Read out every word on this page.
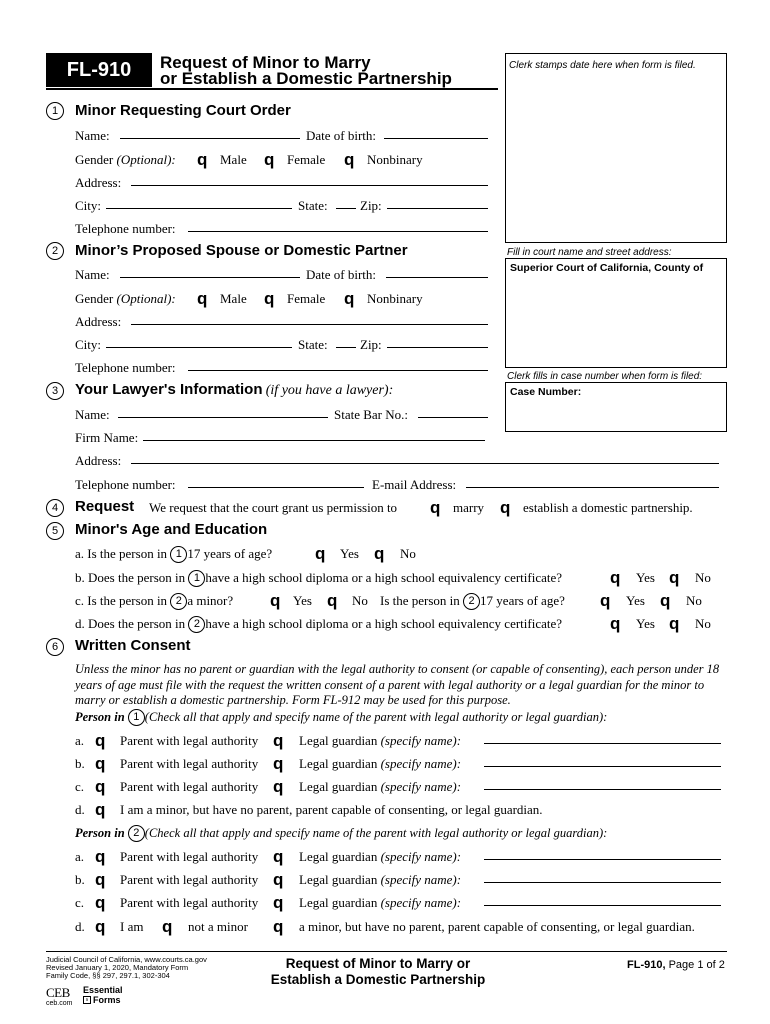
FL-910	Request of Minor to Marry
or Establish a Domestic Partnership
Clerk stamps date here when form is filed.
Fill in court name and street address:
Superior Court of California, County of
Clerk fills in case number when form is filed:
Case Number:
1	Minor Requesting Court Order
Name:	Date of birth:
Gender (Optional): q Male q Female q Nonbinary
Address:
City:	State: Zip:
Telephone number:
2	Minor’s Proposed Spouse or Domestic Partner
Name:	Date of birth:
Gender (Optional): q Male q Female q Nonbinary
Address:
City:	State: Zip:
Telephone number:
3	Your Lawyer's Information (if you have a lawyer):
Name:	State Bar No.:
Firm Name:
Address:
Telephone number:	E-mail Address:
4	Request We request that the court grant us permission to q marry q establish a domestic partnership.
5	Minor's Age and Education
a. Is the person in 1 17 years of age?	q Yes q No
b. Does the person in 1 have a high school diploma or a high school equivalency certificate?	q Yes q No
c. Is the person in 2 a minor? q Yes q No Is the person in 2 17 years of age? q Yes q No
d. Does the person in 2 have a high school diploma or a high school equivalency certificate?	q Yes q No
6	Written Consent
Unless the minor has no parent or guardian with the legal authority to consent (or capable of consenting), each person under 18 years of age must file with the request the written consent of a parent with legal authority or a legal guardian for the minor to marry or establish a domestic partnership. Form FL-912 may be used for this purpose.
Person in 1 (Check all that apply and specify name of the parent with legal authority or legal guardian):
a. q Parent with legal authority q Legal guardian (specify name):
b. q Parent with legal authority q Legal guardian (specify name):
c. q Parent with legal authority q Legal guardian (specify name):
d. q I am a minor, but have no parent, parent capable of consenting, or legal guardian.
Person in 2 (Check all that apply and specify name of the parent with legal authority or legal guardian):
a. q Parent with legal authority q Legal guardian (specify name):
b. q Parent with legal authority q Legal guardian (specify name):
c. q Parent with legal authority q Legal guardian (specify name):
d. q I am q not a minor q a minor, but have no parent, parent capable of consenting, or legal guardian.
Judicial Council of California, www.courts.ca.gov
Revised January 1, 2020, Mandatory Form
Family Code, §§ 297, 297.1, 302-304
Request of Minor to Marry or
Establish a Domestic Partnership
FL-910, Page 1 of 2
CEB
ceb.com
Essential
s Forms
